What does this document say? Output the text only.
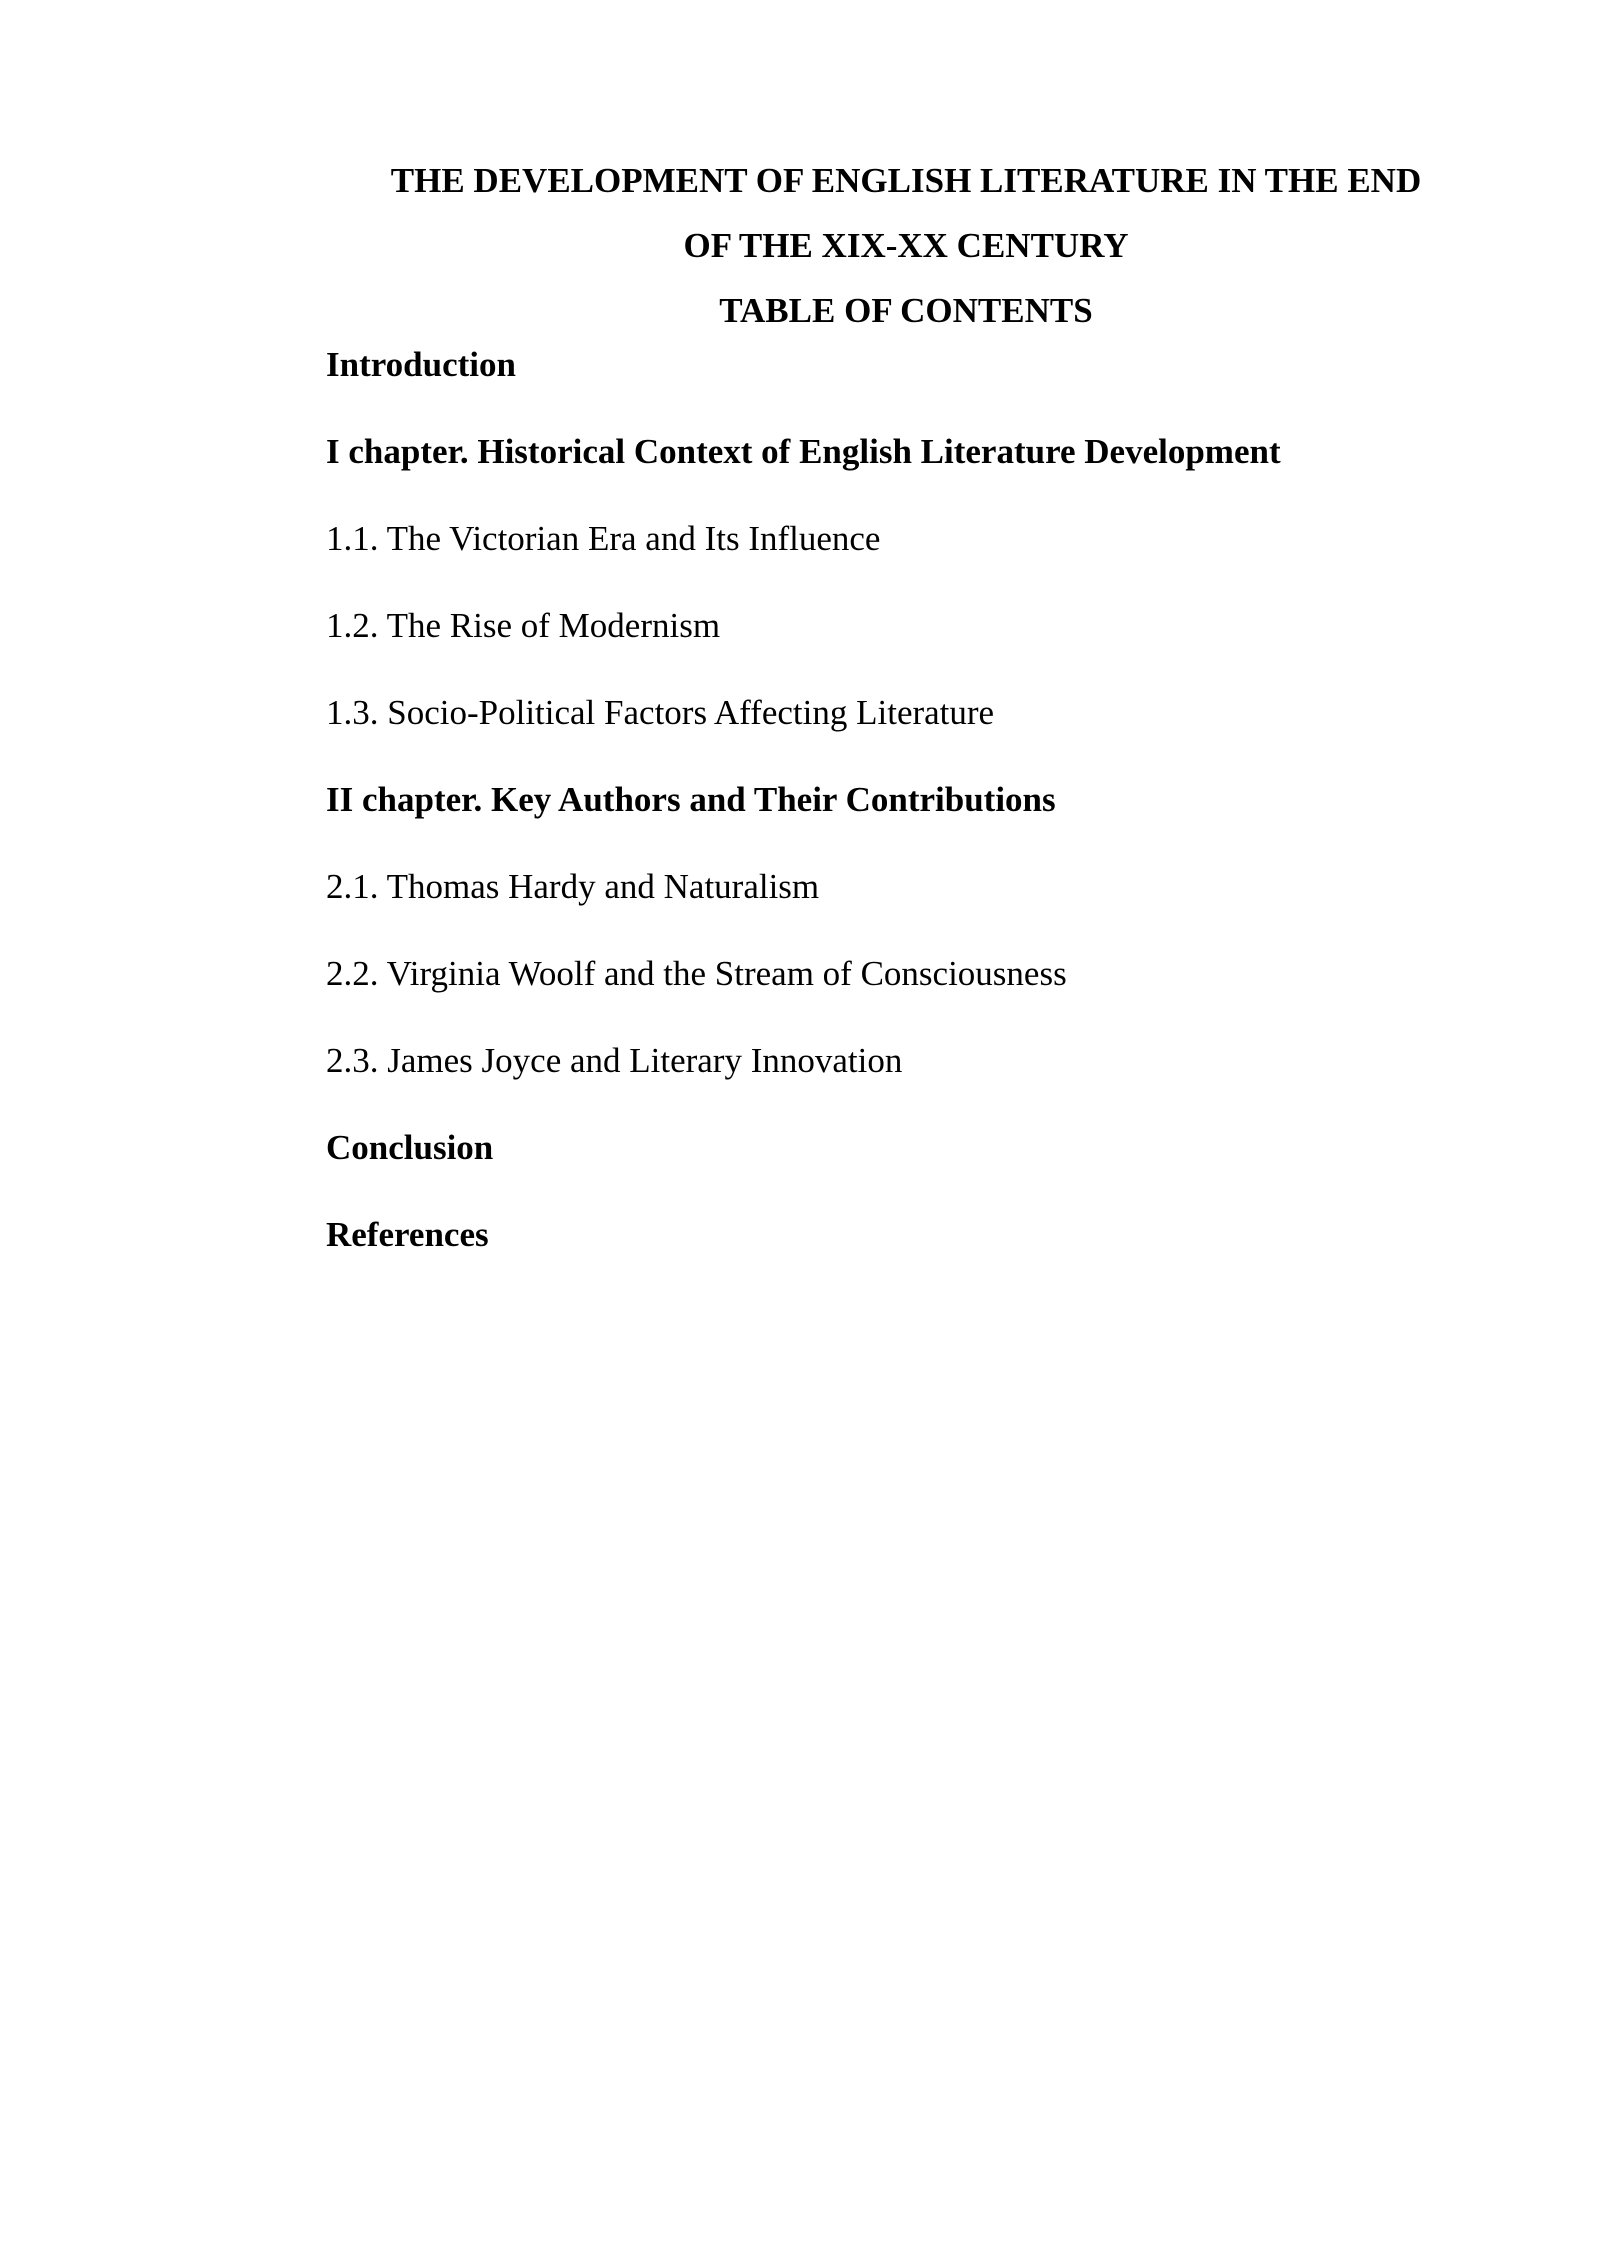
THE DEVELOPMENT OF ENGLISH LITERATURE IN THE END
OF THE XIX-XX CENTURY
TABLE OF CONTENTS
Introduction
I chapter. Historical Context of English Literature Development
1.1. The Victorian Era and Its Influence
1.2. The Rise of Modernism
1.3. Socio-Political Factors Affecting Literature
II chapter. Key Authors and Their Contributions
2.1. Thomas Hardy and Naturalism
2.2. Virginia Woolf and the Stream of Consciousness
2.3. James Joyce and Literary Innovation
Conclusion
References
